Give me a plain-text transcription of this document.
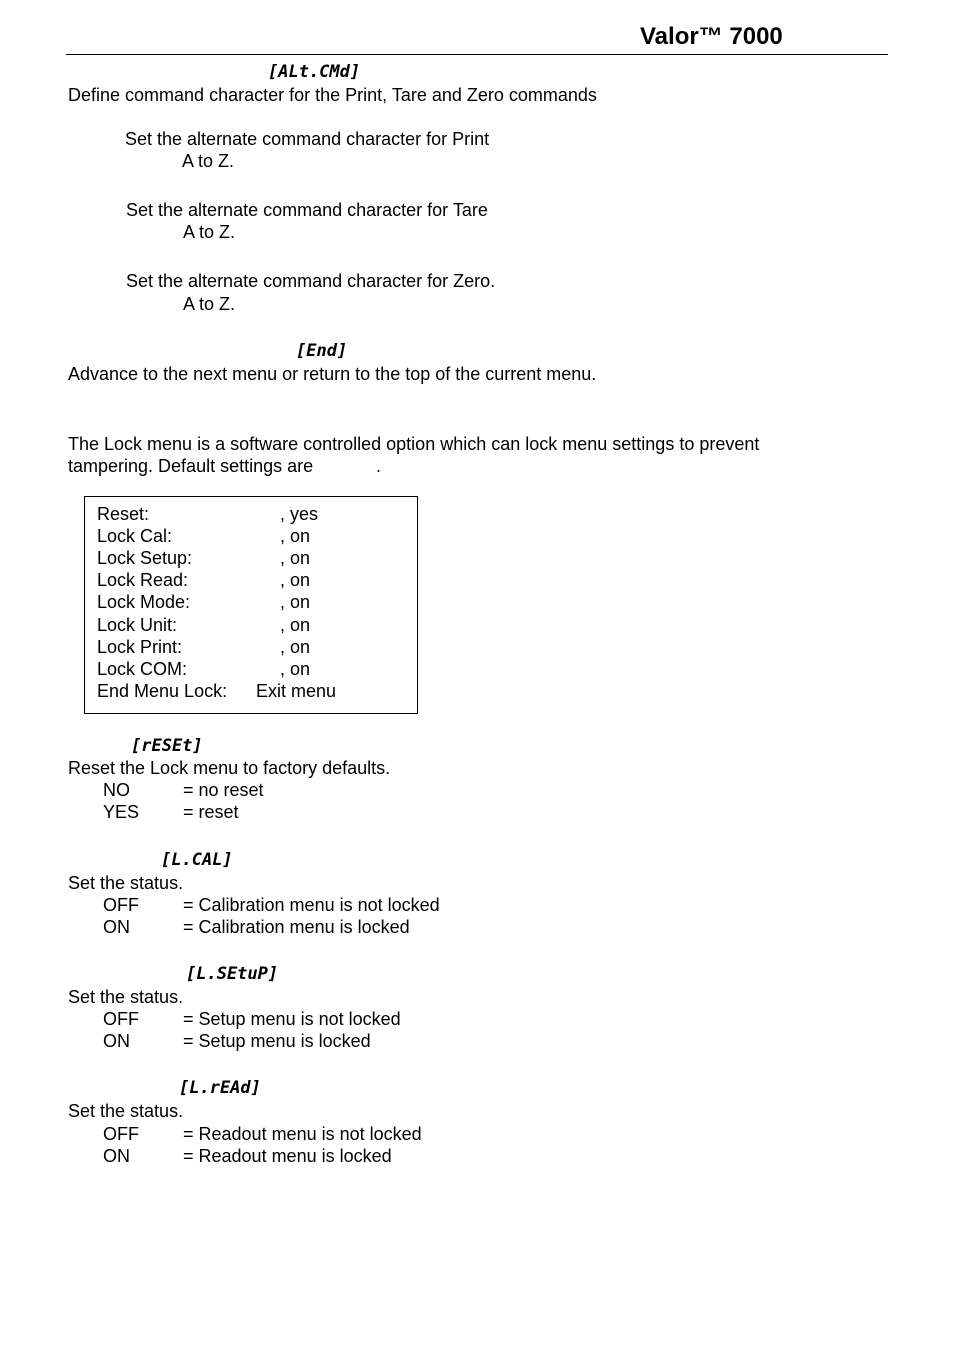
Valor™ 7000
[ALt.CMd]
Define command character for the Print, Tare and Zero commands
Set the alternate command character for Print
A to Z.
Set the alternate command character for Tare
A to Z.
Set the alternate command character for Zero.
A to Z.
[End]
Advance to the next menu or return to the top of the current menu.
The Lock menu is a software controlled option which can lock menu settings to prevent
tampering. Default settings are	.
Reset:	, yes
Lock Cal:	, on
Lock Setup:	, on
Lock Read:	, on
Lock Mode:	, on
Lock Unit:	, on
Lock Print:	, on
Lock COM:	, on
End Menu Lock: Exit menu
[rESEt]
Reset the Lock menu to factory defaults.
NO	= no reset
YES = reset
[L.CAL]
Set the status.
OFF = Calibration menu is not locked
ON	= Calibration menu is locked
[L.SEtuP]
Set the status.
OFF = Setup menu is not locked
ON	= Setup menu is locked
[L.rEAd]
Set the status.
OFF = Readout menu is not locked
ON	= Readout menu is locked
